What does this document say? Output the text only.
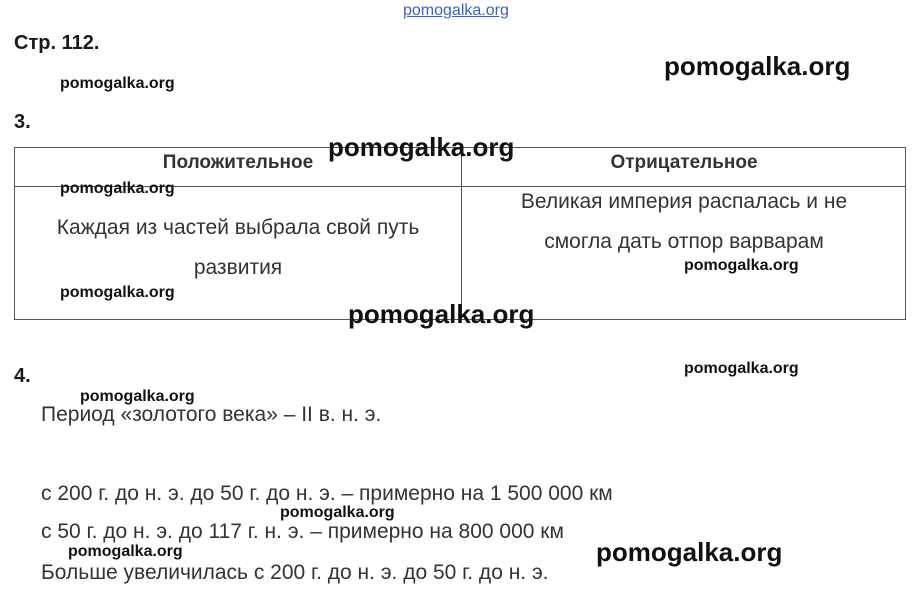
pomogalka.org
Стр. 112.
pomogalka.org
pomogalka.org
3.
Положительное	Отрицательное
Каждая из частей выбрала свой путь
развития
Великая империя распалась и не
смогла дать отпор варварам
pomogalka.org
pomogalka.org
pomogalka.org
pomogalka.org
pomogalka.org
4.	pomogalka.org
pomogalka.org
Период «золотого века» – II в. н. э.
с 200 г. до н. э. до 50 г. до н. э. – примерно на 1 500 000 км
pomogalka.org
с 50 г. до н. э. до 117 г. н. э. – примерно на 800 000 км
pomogalka.org
Больше увеличилась с 200 г. до н. э. до 50 г. до н. э.
pomogalka.org
